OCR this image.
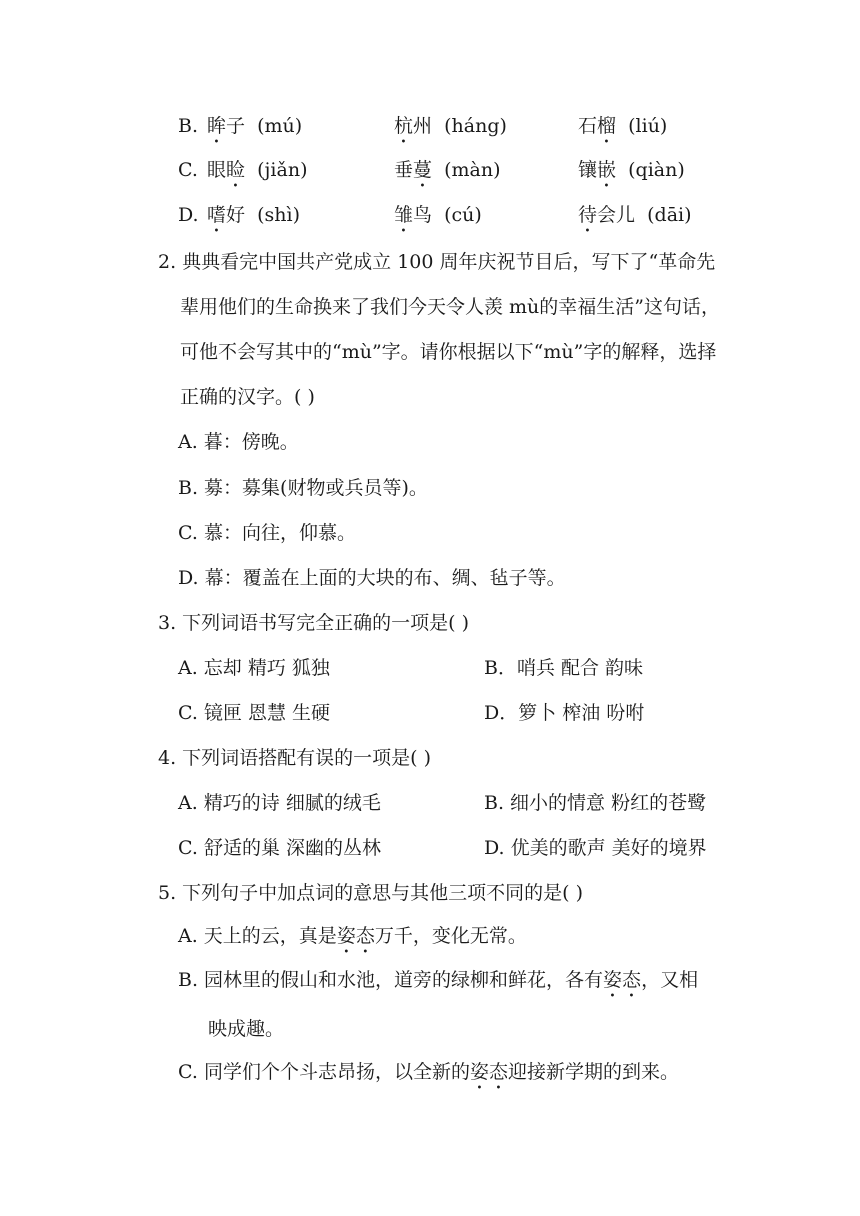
B. 眸子 (mú)	杭州 (háng)	石榴 (liú)
C. 眼睑 (jiǎn)	垂蔓 (màn)	镶嵌 (qiàn)
D. 嗜好 (shì)	雏鸟 (cú)	待会儿 (dāi)
2. 典典看完中国共产党成立 100 周年庆祝节目后，写下了“革命先
辈用他们的生命换来了我们今天令人羡 mù的幸福生活”这句话，
可他不会写其中的“mù”字。请你根据以下“mù”字的解释，选择
正确的汉字。( )
A. 暮：傍晚。
B. 募：募集(财物或兵员等)。
C. 慕：向往，仰慕。
D. 幕：覆盖在上面的大块的布、绸、毡子等。
3. 下列词语书写完全正确的一项是( )
A. 忘却 精巧 狐独	B．哨兵 配合 韵味
C. 镜匣 恩慧 生硬	D．箩卜 榨油 吩咐
4. 下列词语搭配有误的一项是( )
A. 精巧的诗 细腻的绒毛	B. 细小的情意 粉红的苍鹭
C. 舒适的巢 深幽的丛林	D. 优美的歌声 美好的境界
5. 下列句子中加点词的意思与其他三项不同的是( )
A. 天上的云，真是姿态万千，变化无常。
B. 园林里的假山和水池，道旁的绿柳和鲜花，各有姿态，又相
映成趣。
C. 同学们个个斗志昂扬，以全新的姿态迎接新学期的到来。
